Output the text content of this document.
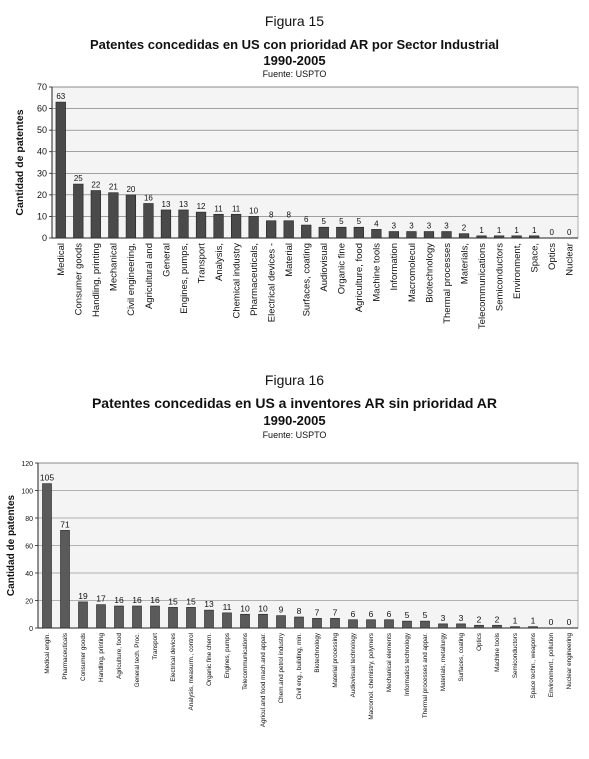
Figura 15
Patentes concedidas en US con prioridad AR por Sector Industrial
1990-2005
Fuente: USPTO
0
10
20
30
40
50
60
70
63
Medical
25
Consumer goods
22
Handling, printing
21
Mechanical
20
Civil engineering,
16
Agricultural and
13
General
13
Engines, pumps,
12
Transport
11
Analysis,
11
Chemical industry
10
Pharmaceuticals,
8
Electrical devices -
8
Material
6
Surfaces, coating
5
Audiovisual
5
Organic fine
5
Agriculture, food
4
Machine tools
3
Information
3
Macromolecul
3
Biotechnology
3
Thermal processes
2
Materials,
1
Telecommunications
1
Semiconductors
1
Environment,
1
Space,
0
Optics
0
Nuclear
Cantidad de patentes
Figura 16
Patentes concedidas en US a inventores AR sin prioridad AR
1990-2005
Fuente: USPTO
0
20
40
60
80
100
120
105
Medical engin.
71
Pharmaceuticals
19
Consumer goods
17
Handling, printing
16
Agriculture, food
16
General tech. Proc.
16
Transport
15
Electrical devices
15
Analysis, measurm., control
13
Organic fine chem.
11
Engines, pumps
10
Telecommunications
10
Agricul.and food mach.and appar.
9
Chem.and petrol industry
8
Civil eng., building, min.
7
Biotechnology
7
Material processing
6
Audiovisual technology
6
Macromol. chemistry, polymers
6
Mechanical elements
5
Informatics technology
5
Thermal processes and appar.
3
Materials, metallurgy
3
Surfaces, coating
2
Optics
2
Machine tools
1
Semiconductors
1
Space techn., weapons
0
Environment., pollution
0
Nuclear engineering
Cantidad de patentes
